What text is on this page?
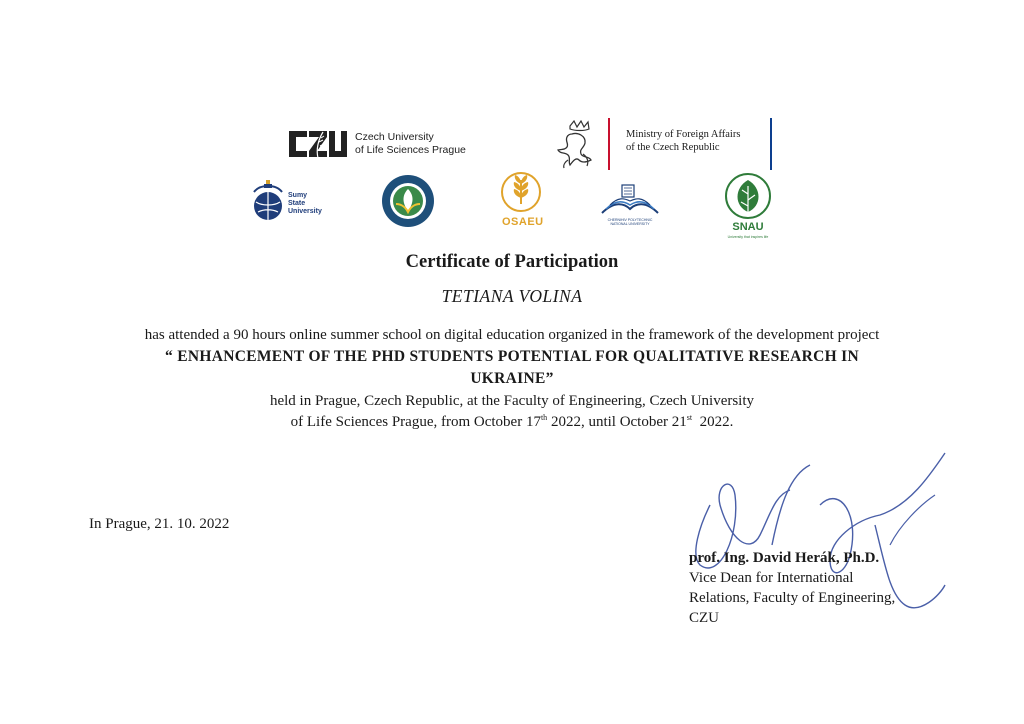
Czech University
of Life Sciences Prague
Ministry of Foreign Affairs
of the Czech Republic
Sumy
State
University
OSAEU	CHERNIHIV POLYTECHNIC
NATIONAL UNIVERSITY	SNAU
University that inspires life
Certificate of Participation
TETIANA VOLINA
has attended a 90 hours online summer school on digital education organized in the framework of the development project
“ ENHANCEMENT OF THE PHD STUDENTS POTENTIAL FOR QUALITATIVE RESEARCH IN
UKRAINE”
held in Prague, Czech Republic, at the Faculty of Engineering, Czech University
of Life Sciences Prague, from October 17th 2022, until October 21st  2022.
In Prague, 21. 10. 2022
prof. Ing. David Herák, Ph.D.
Vice Dean for International
Relations, Faculty of Engineering,
CZU
